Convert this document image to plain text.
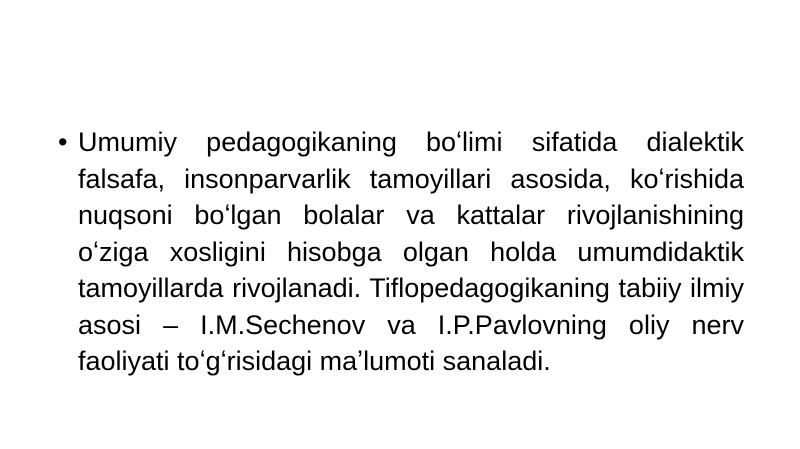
• Umumiy pedagogikaning boʻlimi sifatida dialektik falsafa, insonparvarlik tamoyillari asosida, koʻrishida nuqsoni boʻlgan bolalar va kattalar rivojlanishining oʻziga xosligini hisobga olgan holda umumdidaktik tamoyillarda rivojlanadi. Tiflopedagogikaning tabiiy ilmiy asosi – I.M.Sechenov va I.P.Pavlovning oliy nerv faoliyati toʻgʻrisidagi maʼlumoti sanaladi.
